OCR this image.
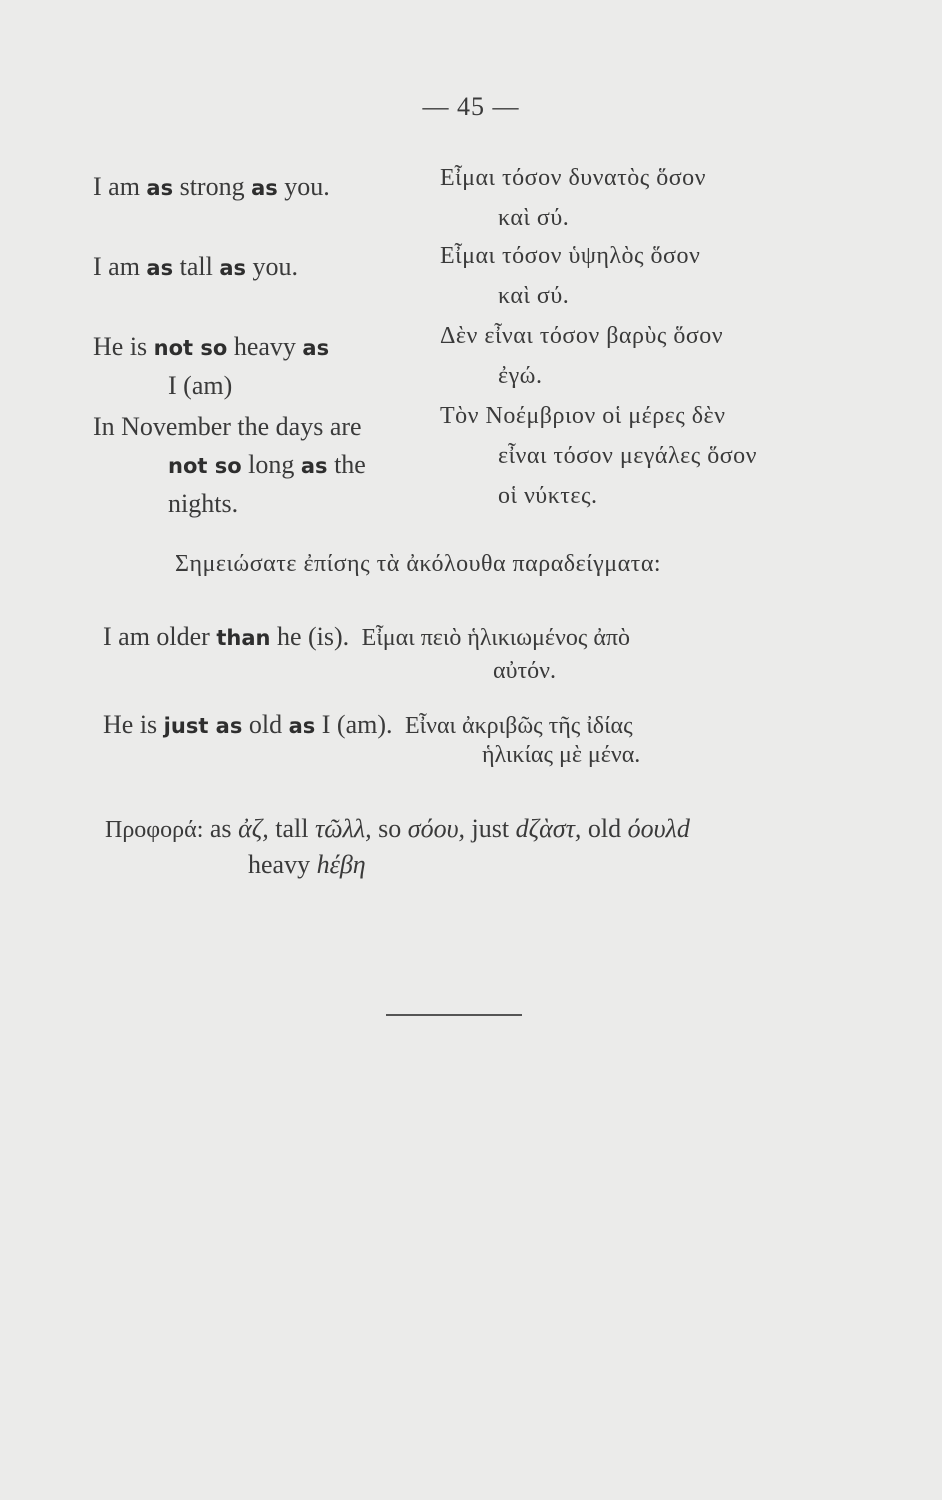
— 45 —
I am as strong as you.	Εἶμαι τόσον δυνατὸς ὅσον
καὶ σύ.
I am as tall as you.	Εἶμαι τόσον ὑψηλὸς ὅσον
καὶ σύ.
He is not so heavy as
I (am)
Δὲν εἶναι τόσον βαρὺς ὅσον
ἐγώ.
In November the days are
not so long as the
nights.
Τὸν Νοέμβριον οἱ μέρες δὲν
εἶναι τόσον μεγάλες ὅσον
οἱ νύκτες.
Σημειώσατε ἐπίσης τὰ ἀκόλουθα παραδείγματα:
I am older than he (is). Εἶμαι πειὸ ἡλικιωμένος ἀπὸ
αὐτόν.
He is just as old as I (am). Εἶναι ἀκριβῶς τῆς ἰδίας
ἡλικίας μὲ μένα.
Προφορά: as ἀζ, tall τῶλλ, so σόου, just dζὰστ, old όουλd
heavy hέβη
